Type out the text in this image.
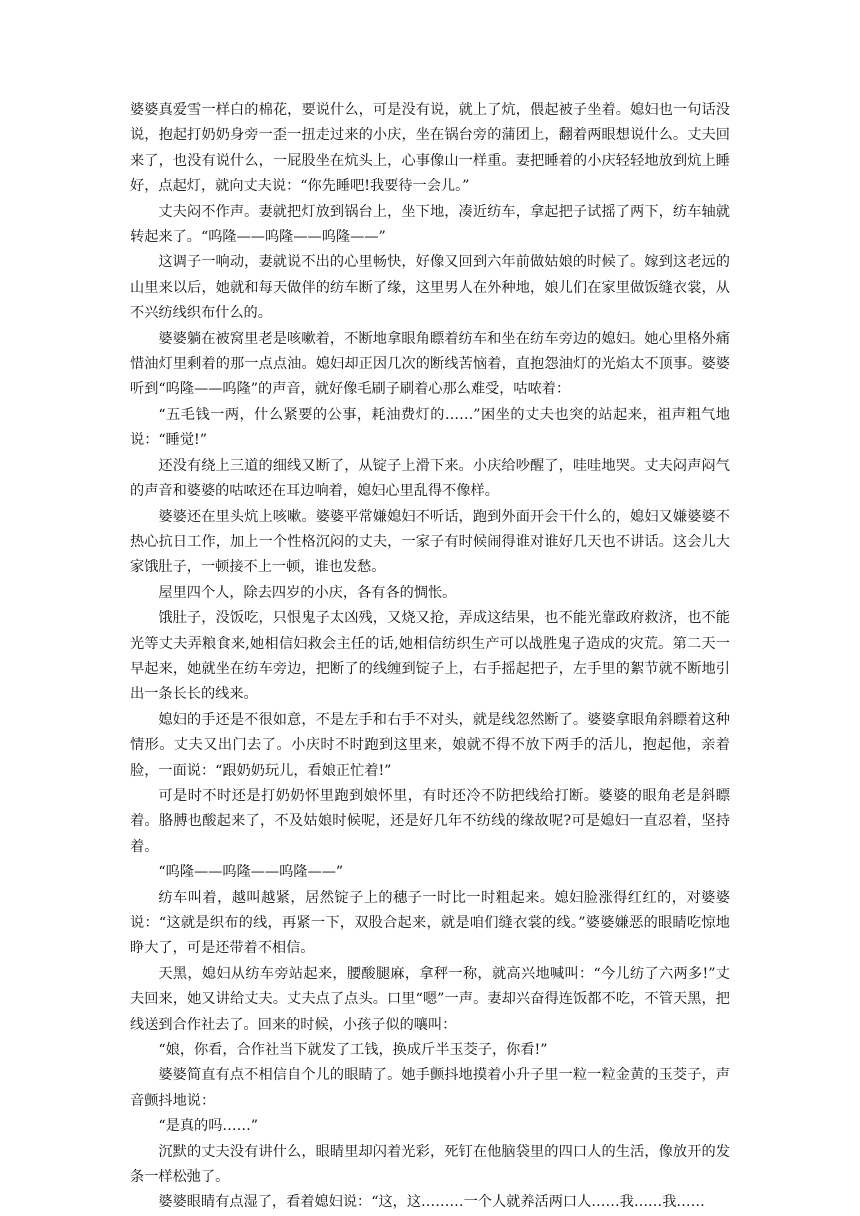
婆婆真爱雪一样白的棉花，要说什么，可是没有说，就上了炕，偎起被子坐着。媳妇也一句话没说，抱起打奶奶身旁一歪一扭走过来的小庆，坐在锅台旁的蒲团上，翻着两眼想说什么。丈夫回来了，也没有说什么，一屁股坐在炕头上，心事像山一样重。妻把睡着的小庆轻轻地放到炕上睡好，点起灯，就向丈夫说：“你先睡吧!我要待一会儿。”

丈夫闷不作声。妻就把灯放到锅台上，坐下地，凑近纺车，拿起把子试摇了两下，纺车轴就转起来了。“呜隆——呜隆——呜隆——”

这调子一响动，妻就说不出的心里畅快，好像又回到六年前做姑娘的时候了。嫁到这老远的山里来以后，她就和每天做伴的纺车断了缘，这里男人在外种地，娘儿们在家里做饭缝衣裳，从不兴纺线织布什么的。

婆婆躺在被窝里老是咳嗽着，不断地拿眼角瞟着纺车和坐在纺车旁边的媳妇。她心里格外痛惜油灯里剩着的那一点点油。媳妇却正因几次的断线苦恼着，直抱怨油灯的光焰太不顶事。婆婆听到“呜隆——呜隆”的声音，就好像毛刷子刷着心那么难受，咕哝着：

“五毛钱一两，什么紧要的公事，耗油费灯的……”困坐的丈夫也突的站起来，祖声粗气地说：“睡觉!”

还没有绕上三道的细线又断了，从锭子上滑下来。小庆给吵醒了，哇哇地哭。丈夫闷声闷气的声音和婆婆的咕哝还在耳边响着，媳妇心里乱得不像样。

婆婆还在里头炕上咳嗽。婆婆平常嫌媳妇不听话，跑到外面开会干什么的，媳妇又嫌婆婆不热心抗日工作，加上一个性格沉闷的丈夫，一家子有时候闹得谁对谁好几天也不讲话。这会儿大家饿肚子，一顿接不上一顿，谁也发愁。

屋里四个人，除去四岁的小庆，各有各的惆怅。

饿肚子，没饭吃，只恨鬼子太凶残，又烧又抢，弄成这结果，也不能光靠政府救济，也不能光等丈夫弄粮食来,她相信妇救会主任的话,她相信纺织生产可以战胜鬼子造成的灾荒。第二天一早起来，她就坐在纺车旁边，把断了的线缠到锭子上，右手摇起把子，左手里的絮节就不断地引出一条长长的线来。

媳妇的手还是不很如意，不是左手和右手不对头，就是线忽然断了。婆婆拿眼角斜瞟着这种情形。丈夫又出门去了。小庆时不时跑到这里来，娘就不得不放下两手的活儿，抱起他，亲着脸，一面说：“跟奶奶玩儿，看娘正忙着!”

可是时不时还是打奶奶怀里跑到娘怀里，有时还冷不防把线给打断。婆婆的眼角老是斜瞟着。胳膊也酸起来了，不及姑娘时候呢，还是好几年不纺线的缘故呢?可是媳妇一直忍着，坚持着。

“呜隆——呜隆——呜隆——”

纺车叫着，越叫越紧，居然锭子上的穗子一时比一时粗起来。媳妇脸涨得红红的，对婆婆说：“这就是织布的线，再紧一下，双股合起来，就是咱们缝衣裳的线。”婆婆嫌恶的眼睛吃惊地睁大了，可是还带着不相信。

天黑，媳妇从纺车旁站起来，腰酸腿麻，拿秤一称，就高兴地喊叫：“今儿纺了六两多!”丈夫回来，她又讲给丈夫。丈夫点了点头。口里“嗯”一声。妻却兴奋得连饭都不吃，不管天黑，把线送到合作社去了。回来的时候，小孩子似的嚷叫：

“娘，你看，合作社当下就发了工钱，换成斤半玉茭子，你看!”

婆婆简直有点不相信自个儿的眼睛了。她手颤抖地摸着小升子里一粒一粒金黄的玉茭子，声音颤抖地说：

“是真的吗……”

沉默的丈夫没有讲什么，眼睛里却闪着光彩，死钉在他脑袋里的四口人的生活，像放开的发条一样松弛了。

婆婆眼睛有点湿了，看着媳妇说：“这，这………一个人就养活两口人……我……我……
